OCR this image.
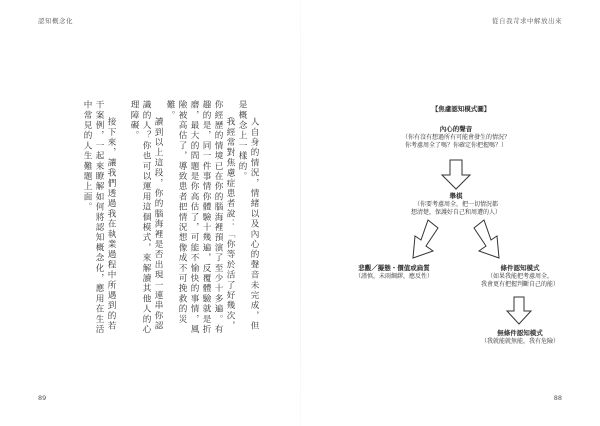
認知概念化
89

人自身的情況，情緒以及內心的聲音未完成，但是概念上一樣的。

我經常對焦慮症患者說：「你等於活了好幾次，你經歷的情境已在你的腦海裡預演了至少十多遍。有趣的是，同一件事情你體驗十幾遍，反覆體驗就是折磨，最大的問題是你高估了，可能不愉快的事情，風險被高估了，導致患者把情況想像成不可挽救的災難。

讀到以上這段，你的腦海裡是否出現一連串你認識的人？你也可以運用這個模式，來解讀其他人的心理障礙。

接下來，讓我們透過我在執業過程中所遇到的若干案例，一起來瞭解如何將認知概念化，應用在生活中常見的人生難題上面。

從自我苛求中解放出來
88
【焦慮認知模式圖】
內心的聲音
（你有沒有想過所有可能會發生的情況？
你考慮周全了嗎？你確定你把握嗎？）
舉棋
（你要考慮周全，把一切情況都
想清楚，保護好自己和周遭的人）
悲觀／擬態・價值或扁質
（謹慎，未雨綢繆，應反性）
條件認知模式
（如果我能把考慮周全，
我會更有把握判斷自己的能）
無條件認知模式
（我就能就無能，我有危險）
